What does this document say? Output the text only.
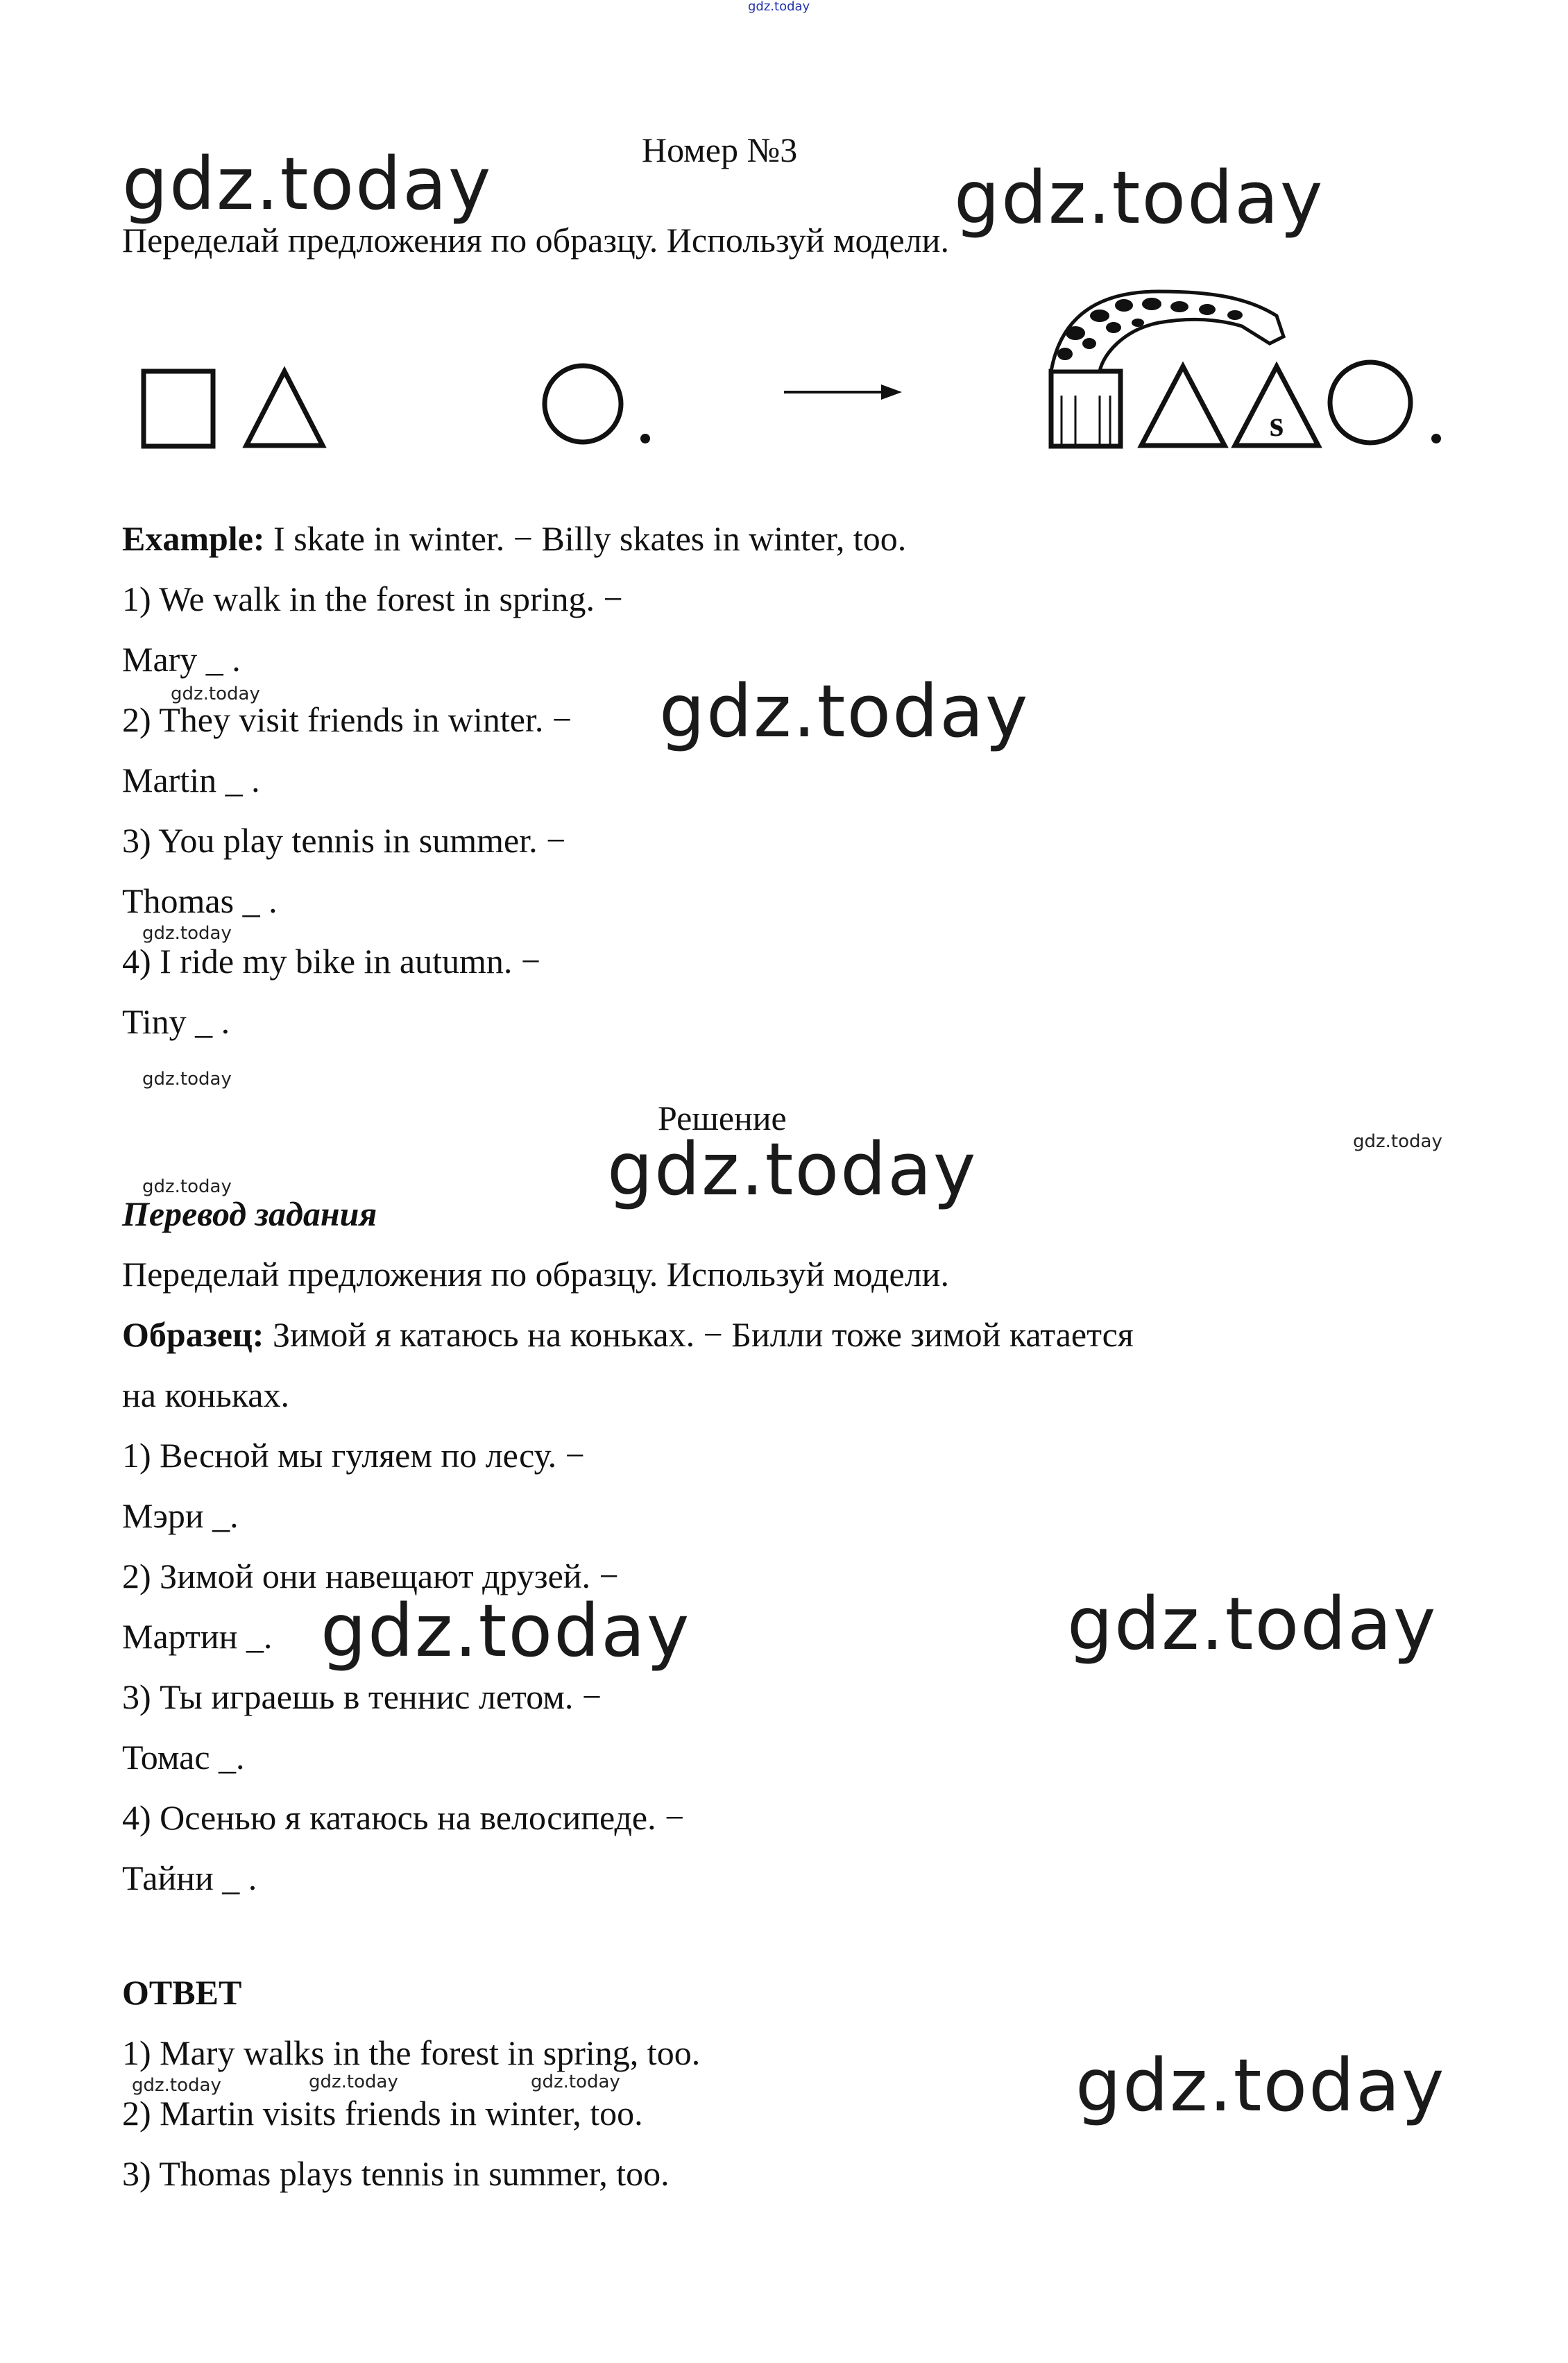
gdz.today
gdz.today	gdz.today
gdz.today
gdz.today
gdz.today	gdz.today
gdz.today
gdz.today
gdz.today
gdz.today
gdz.today
gdz.today
gdz.today	gdz.today	gdz.today
Номер №3
Переделай предложения по образцу. Используй модели.
s
Example: I skate in winter. − Billy skates in winter, too.
1) We walk in the forest in spring. −
Mary _ .
2) They visit friends in winter. −
Martin _ .
3) You play tennis in summer. −
Thomas _ .
4) I ride my bike in autumn. −
Tiny _ .
Решение
Перевод задания
Переделай предложения по образцу. Используй модели.
Образец: Зимой я катаюсь на коньках. − Билли тоже зимой катается
на коньках.
1) Весной мы гуляем по лесу. −
Мэри _.
2) Зимой они навещают друзей. −
Мартин _.
3) Ты играешь в теннис летом. −
Томас _.
4) Осенью я катаюсь на велосипеде. −
Тайни _ .
ОТВЕТ
1) Mary walks in the forest in spring, too.
2) Martin visits friends in winter, too.
3) Thomas plays tennis in summer, too.
